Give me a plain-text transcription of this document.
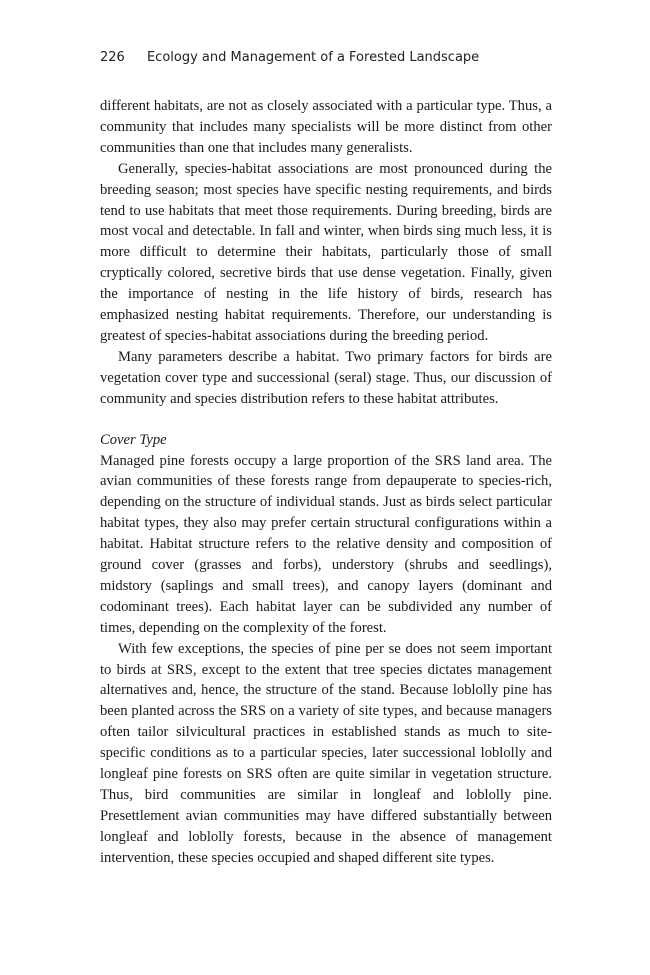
226 Ecology and Management of a Forested Landscape

different habitats, are not as closely associated with a particular type. Thus, a community that includes many specialists will be more distinct from other communities than one that includes many generalists.

Generally, species-habitat associations are most pronounced during the breeding season; most species have specific nesting requirements, and birds tend to use habitats that meet those requirements. During breeding, birds are most vocal and detectable. In fall and winter, when birds sing much less, it is more difficult to determine their habitats, particularly those of small cryptically colored, secretive birds that use dense vegetation. Finally, given the importance of nesting in the life history of birds, research has emphasized nesting habitat requirements. Therefore, our understanding is greatest of species-habitat associations during the breeding period.

Many parameters describe a habitat. Two primary factors for birds are vegetation cover type and successional (seral) stage. Thus, our discussion of community and species distribution refers to these habitat attributes.

Cover Type

Managed pine forests occupy a large proportion of the SRS land area. The avian communities of these forests range from depauperate to species-rich, depending on the structure of individual stands. Just as birds select particular habitat types, they also may prefer certain structural configurations within a habitat. Habitat structure refers to the relative density and composition of ground cover (grasses and forbs), understory (shrubs and seedlings), midstory (saplings and small trees), and canopy layers (dominant and codominant trees). Each habitat layer can be subdivided any number of times, depending on the complexity of the forest.

With few exceptions, the species of pine per se does not seem important to birds at SRS, except to the extent that tree species dictates management alternatives and, hence, the structure of the stand. Because loblolly pine has been planted across the SRS on a variety of site types, and because managers often tailor silvicultural practices in established stands as much to site-specific conditions as to a particular species, later successional loblolly and longleaf pine forests on SRS often are quite similar in vegetation structure. Thus, bird communities are similar in longleaf and loblolly pine. Presettlement avian communities may have differed substantially between longleaf and loblolly forests, because in the absence of management intervention, these species occupied and shaped different site types.
